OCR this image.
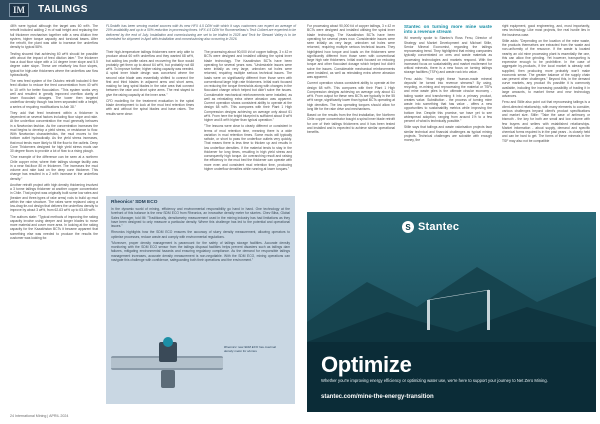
IM	TAILINGS

46% were typical although the target was 60 wt%. The retrofit included adding 2 m of wall height and replacing the full thickener mechanism together with a new dilution free system, higher torque capacity and torsional bases. After the retrofit, the plant was able to increase the underflow density to typical 58%.

Testing showed that achieving 60 wt% should be possible with about the impact of feed dilution later." The thickener has a dual floor slope with a 14 degree inner slope and 5.5 degree outer slope. These are relatively low floor slopes, typical for high-rate thickeners where the underflow can flow hydraulically.

The new feed system of the Outotec retrofit included 6 fine feed dilution to reduce the feed concentration from 40 wt% to 10 wt% for better flocculation. "This system works very well and resulted in greatly improved overflow clarity at lower flocculant dosages. The tower then targeted underflow density though has been separated with a height, a series of requiring modifications to Ash 38."

They add that feed treatment within a thickener is dependent on several factors including floor slope and rake. At the underflow concentration the mud generally behaves in a Newtonian fashion. As the concentration increases the mud begins to develop a yield stress, or resistance to flow. With Newtonian characteristics, the mud moves to the bottom outlet hydraulically. As the yield stress increases, that mud tends more likely to fill the flow to the outlets. Deep Cone Thickeners designed for high yield stress muds use 30 degree floors to provide a lot of flow to a rising plough.

"One example of the difference can be seen at a northern Chile copper mine, where their tailings storage facility was in a near flat-floor 80 m thickener. The increases the mud volume and rake load on the deep cone thickener. This change has resulted in a 2 wt% increase in the underflow density."

Another retrofit project with high density thickening involved a 3 tonne tailings thickener at another copper concentrator in Chile. That project was originally built some low rates and (beaker and three-types of rake arms) rods to build up mud within the rake structure. The rakes were replaced using a low-drag tie-rod design that delivers the underflow density to improve by about 3 wt%, from 62-63 wt% up to 63-65 wt%.

The authors state: "Typical methods of improving the raking capacity involve using deeper and longer blades to move more material and cover more area. In looking at the raking capacity for the Kazakhstan BCTs it became apparent that something else was needed to produce the results the customer was looking for.

FLSmidth has been serving market sources with its new HFX 4.5 DDH with which it says customers can expect an average of 20% availability and up to a 50% reduction in processing times. HFX 4.5 DDH for Runnerselleau's Teck Colbert are expected to be delivered by the end of July. Installation and commissioning are set to be trialled in 2025 and Teck for Stewart Valley is to be scheduled for shipment in April with installation and commissioning also occurring in 2026.

Their high-temperature tailings thickeners were only able to produce about 60 wt% underflow and they wanted 68 wt%, but adding low profile rakes and recovering the floor would probably get them up to about 64 wt%, but probably not 68 wt%. To improve further, higher raking capacity was needed. A spiral inner blade design was conceived where the second rake blade was essentially shifted to connect the first and third blades in adjacent arms and short arms, making for long spiral blades in the rake area that connect between the rake and short spine arms. The rest stayed to give the raking capacity at the inner area."

CFD modelling for the treatment evaluation in the spiral blade development to look at the mud bed retention times with and without the spiral blades and base rakes. The results were clear:

The processing about 90,000 t/d of copper tailings, 3 x 42 m BCTs were designed and installed utilising the spiral inner blade technology. The Kazakhstan BCTs have been operating for several years now. "Undesirable issues were seen initially as very large, unbroken rat holes were returned, requiring multiple serious technical issues. The loads were on significantly different from those seen with conventional large high rate thickeners. Initial work focused on reducing the torque thresholds along with changes in the flocculant change which helped but didn't solve the issues. Considerable mechanical reinforcements were installed, as well as reinstating extra where abrasion was apparent. Current operation shows consistent ability to operate at the design 68 wt%. This compares with their Plant 1 High Compression designs achieving an average only about 61 wt%. From here the bright blueprint is sufficient about 8 wt% higher and 8 wt% higher than typical operation."

"The lessons were clear to clearly different or consistent in terms of mud retention time, meaning there is a wide variation in mud retention times. Some muds will typically rathole, or short to pass the underflow outlets very quickly. That means there is less time to thicken up and results in low underflow densities. If the material tends to stay in the thickener for long times, resulting in high yield stress and consequently high torque. An overarching result and raising the efficiency in the mud bed the thickener can operate with more even and consistent mud retention time, producing higher underflow densities while running at lower torques."

Rheonics' SDM ECO

In the dynamic world of mining, efficiency and environmental responsibility go hand in hand. One technology at the forefront of this balance is the new SDM ECO from Rheonics, an innovative density meter for slurries. Chev Bliss, Global Sales Manager, told IM: "Traditionally, densitometry measurement used in the mining industry has had limitations as they have been designed to only measure a particular density. Where this challenge has led to the potential and operational issues."

Rheonics highlights how the SDM ECO ensures the accuracy of slurry density measurement, allowing operators to optimise processes, reduce waste and comply with environmental regulations.

"Moreover, proper density management is paramount for the safety of tailings storage facilities. Accurate density monitoring with the SDM ECO sensor from the tailings disposal facilities helps prevent disasters such as tailings dam failures, mitigating environmental hazards and ensuring regulatory compliance. As the demand for responsible tailings management increases, accurate density measurement is non-negotiable. With the SDM ECO, mining operations can navigate this challenge with confidence, safeguarding both their operations and the environment."

Rheonics' new SDM ECO has maximal density meter for slurries

For processing about 90,000 t/d of copper tailings, 3 x 42 m BCTs were designed and installed utilising the spiral inner blade technology. The Kazakhstan BCTs have been operating for several years now. Considerable issues were seen initially as very large, unbroken rat holes were returned, requiring multiple serious technical issues. They highlighted how torque and loads on the thickeners were significantly different from those seen with conventional large high rate thickeners. Initial work focused on reducing torque and other flocculant dosage which helped but didn't solve the issues. Considerable mechanical reinforcements were installed, as well as reinstating extra where abrasion was apparent.

Current operation shows consistent ability to operate at the design 68 wt%. This compares with their Plant 1 High Compression designs achieving an average only about 61 wt%. From output for these new BCTs are typically in the 55 wt% range, significantly lower than typical BCTs operating at high densities. The low operating torques should allow for long life for the rake drive and mechanisms.

Based on the results from the first installation, the Northern Chile copper concentrator bought a spiral inner blade retrofit for one of their tailings thickeners and it has been tested and installed and is expected to achieve similar operational benefits.

Stantec on turning more mine waste into a revenue stream

IM recently spoke to Stantec's Ross Fenu, Director of Strategy and Market Development and Michael Stille, Senior Mineral Economist, regarding the tailings reprocessing trend. They highlighted that mining companies typically concentrated on ores and waste materials as processing technologies and markets respond. With the increased focus on sustainability and market excitement for critical minerals, there is a new focus on turning tailings storage facilities (TSFs) and waste rock into value.

Fenu adds: "How might these 'human-made mineral deposits' be turned into revenue streams? By using, recycling, re-mining and reprocessing the material or TSFs and mine waste piles is the ultimate circular economy - taking waste and transforming it into a primary product, creates value. Substitution - the process of turning mine waste into something that has value - offers a new opportunities to sustainability metrics while improving the bottom line. Despite this promise, we have yet to see widespread adoption, ranging from around 1% to a few percent of what is technically possible."

Stille says that tailings and waste valorisation projects face similar technical and financial challenges as typical mining projects. Technical challenges are solvable with enough money, the

right equipment, good engineering, and, most importantly, new technology. Like most projects, the real hurdle lies in the business case.

Stille adds: "Depending on the location of the mine waste, the products themselves are extracted from the waste and non-uniformity of the resource. If the waste is located nearby an old mine processing plant is essentially the one, this can allow fine grinding. Yet however, transporting is expensive enough to be prohibitive. In the case of aggregate by-products, if the local market is already well supplied, then producing more probably won't make economic sense. The greater balance of the supply chain can present other challenges." Beyond this, in the demand curve markets, any product it's possible it is commonly available, including the increasing possibility of trading it in large amounts, to market these and new technology advances.

Fenu and Stille also point out that reprocessing tailings is a client-directed relationship, with many elements to consider, various challenges beyond client's product specifications and market size. Stille: "Take the case of antimony or bismuth - the key for both are small and low volume with few buyers and sellers with established relationships. Market information - about supply, demand and specific chemical forms required is in the past years - is closely held and can be hard to get. The forms of these minerals in the TSF may also not be compatible

S Stantec
Optimize
Whether you're improving energy efficiency or optimizing water use, we're here to support your journey to Net Zero Mining.
stantec.com/mine-the-energy-transition
24 International Mining | APRIL 2024
